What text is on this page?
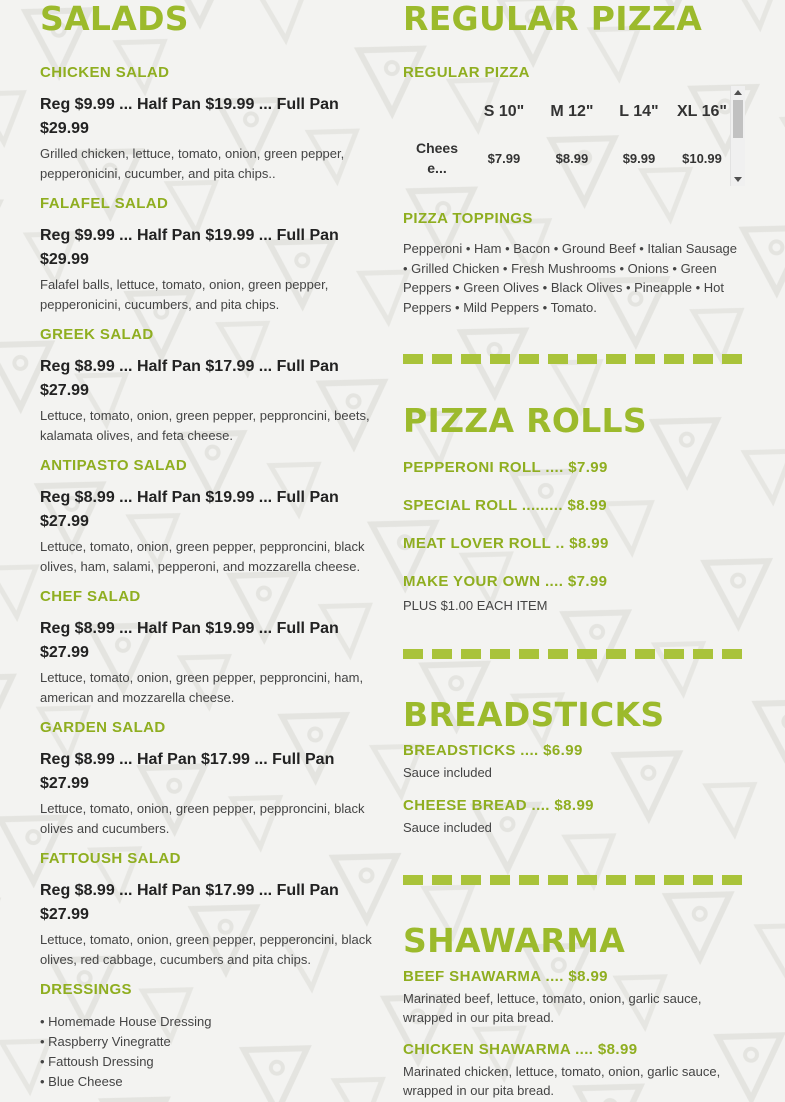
SALADS
CHICKEN SALAD
Reg $9.99 ... Half Pan $19.99 ... Full Pan $29.99
Grilled chicken, lettuce, tomato, onion, green pepper, pepperonicini, cucumber, and pita chips..
FALAFEL SALAD
Reg $9.99 ... Half Pan $19.99 ... Full Pan $29.99
Falafel balls, lettuce, tomato, onion, green pepper, pepperonicini, cucumbers, and pita chips.
GREEK SALAD
Reg $8.99 ... Half Pan $17.99 ... Full Pan $27.99
Lettuce, tomato, onion, green pepper, pepproncini, beets, kalamata olives, and feta cheese.
ANTIPASTO SALAD
Reg $8.99 ... Half Pan $19.99 ... Full Pan $27.99
Lettuce, tomato, onion, green pepper, pepproncini, black olives, ham, salami, pepperoni, and mozzarella cheese.
CHEF SALAD
Reg $8.99 ... Half Pan $19.99 ... Full Pan $27.99
Lettuce, tomato, onion, green pepper, pepproncini, ham, american and mozzarella cheese.
GARDEN SALAD
Reg $8.99 ... Haf Pan $17.99 ... Full Pan $27.99
Lettuce, tomato, onion, green pepper, pepproncini, black olives and cucumbers.
FATTOUSH SALAD
Reg $8.99 ... Half Pan $17.99 ... Full Pan $27.99
Lettuce, tomato, onion, green pepper, pepperoncini, black olives, red cabbage, cucumbers and pita chips.
DRESSINGS
• Homemade House Dressing
• Raspberry Vinegratte
• Fattoush Dressing
• Blue Cheese
REGULAR PIZZA
REGULAR PIZZA
	S 10"	M 12"	L 14"	XL 16"
Chees e...	$7.99	$8.99	$9.99	$10.99
PIZZA TOPPINGS
Pepperoni • Ham • Bacon • Ground Beef • Italian Sausage • Grilled Chicken • Fresh Mushrooms • Onions • Green Peppers • Green Olives • Black Olives • Pineapple • Hot Peppers • Mild Peppers • Tomato.
PIZZA ROLLS
PEPPERONI ROLL .... $7.99
SPECIAL ROLL ......... $8.99
MEAT LOVER ROLL .. $8.99
MAKE YOUR OWN .... $7.99
PLUS $1.00 EACH ITEM
BREADSTICKS
BREADSTICKS .... $6.99
Sauce included
CHEESE BREAD .... $8.99
Sauce included
SHAWARMA
BEEF SHAWARMA .... $8.99
Marinated beef, lettuce, tomato, onion, garlic sauce, wrapped in our pita bread.
CHICKEN SHAWARMA .... $8.99
Marinated chicken, lettuce, tomato, onion, garlic sauce, wrapped in our pita bread.
